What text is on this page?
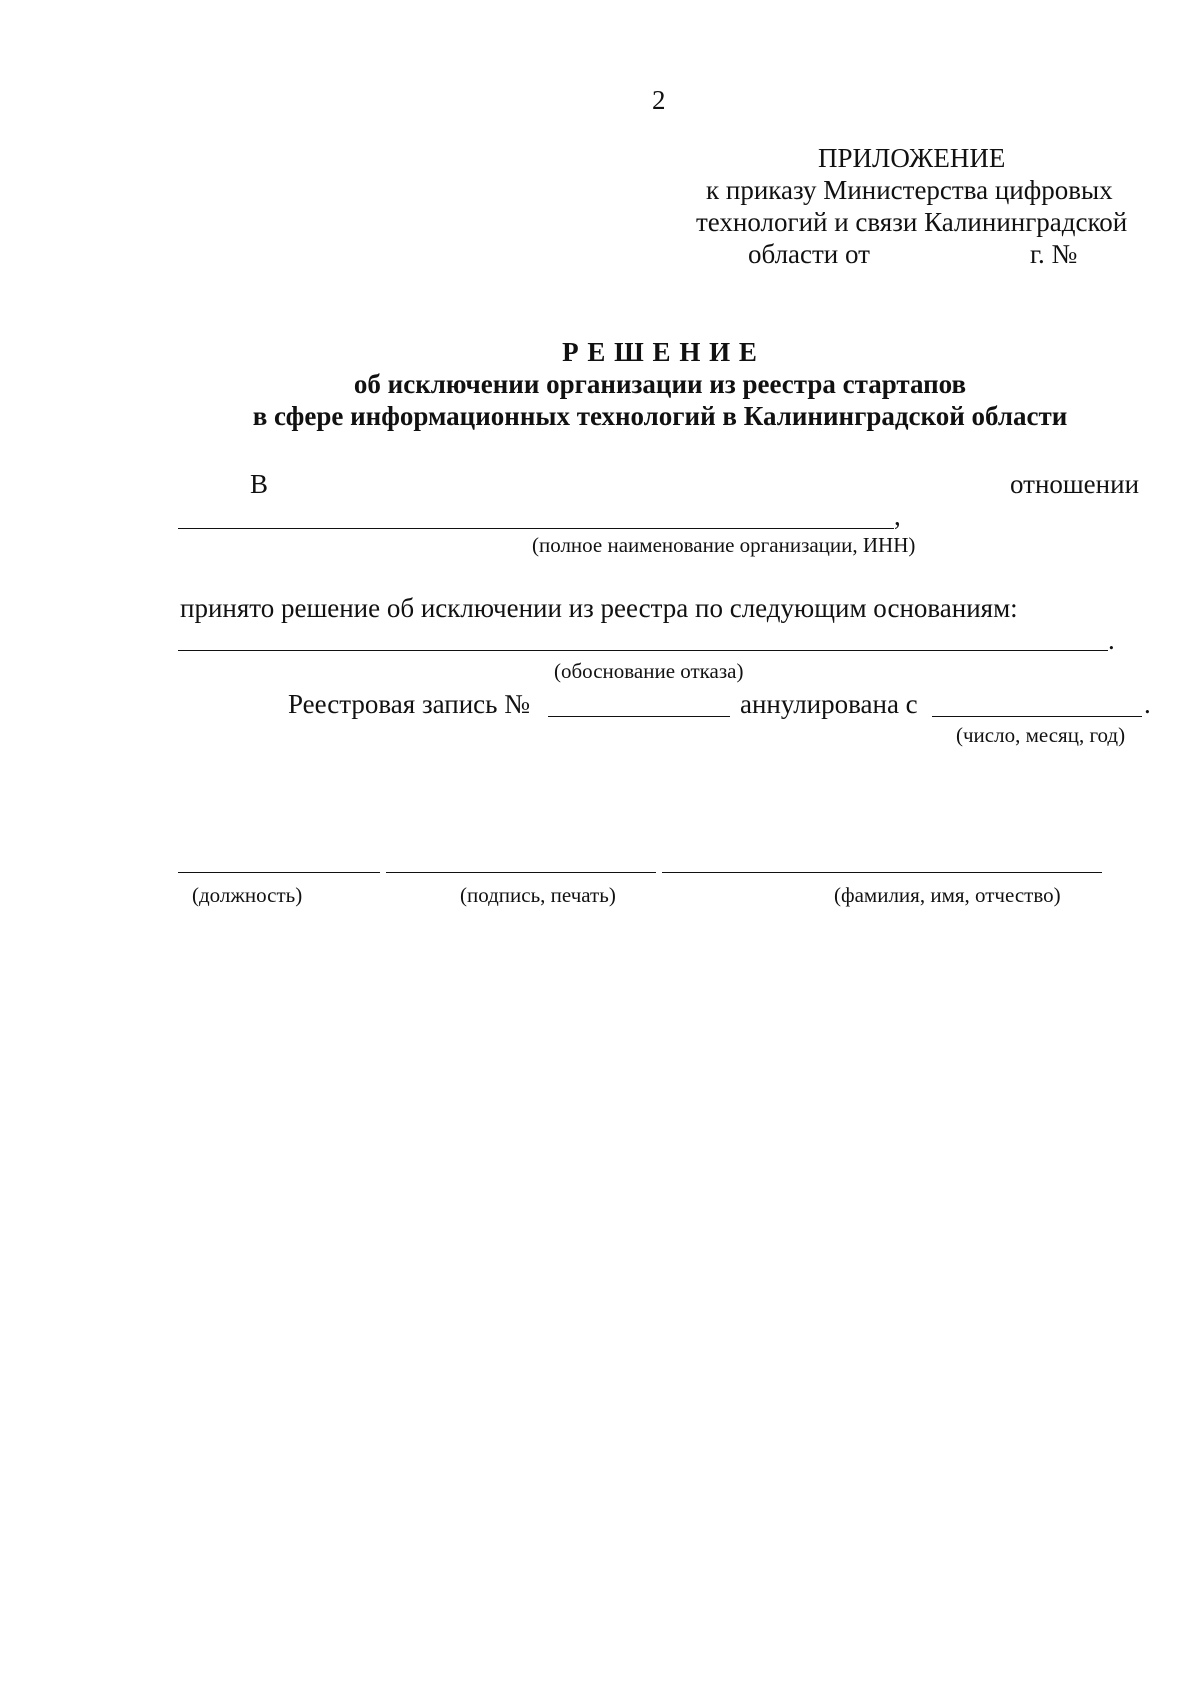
2
ПРИЛОЖЕНИЕ
к приказу Министерства цифровых
технологий и связи Калининградской
области от	г. №
Р Е Ш Е Н И Е
об исключении организации из реестра стартапов
в сфере информационных технологий в Калининградской области
В	отношении
,
(полное наименование организации, ИНН)
принято решение об исключении из реестра по следующим основаниям:
.
(обоснование отказа)
Реестровая запись №	аннулирована с	.
(число, месяц, год)
(должность)	(подпись, печать)	(фамилия, имя, отчество)
